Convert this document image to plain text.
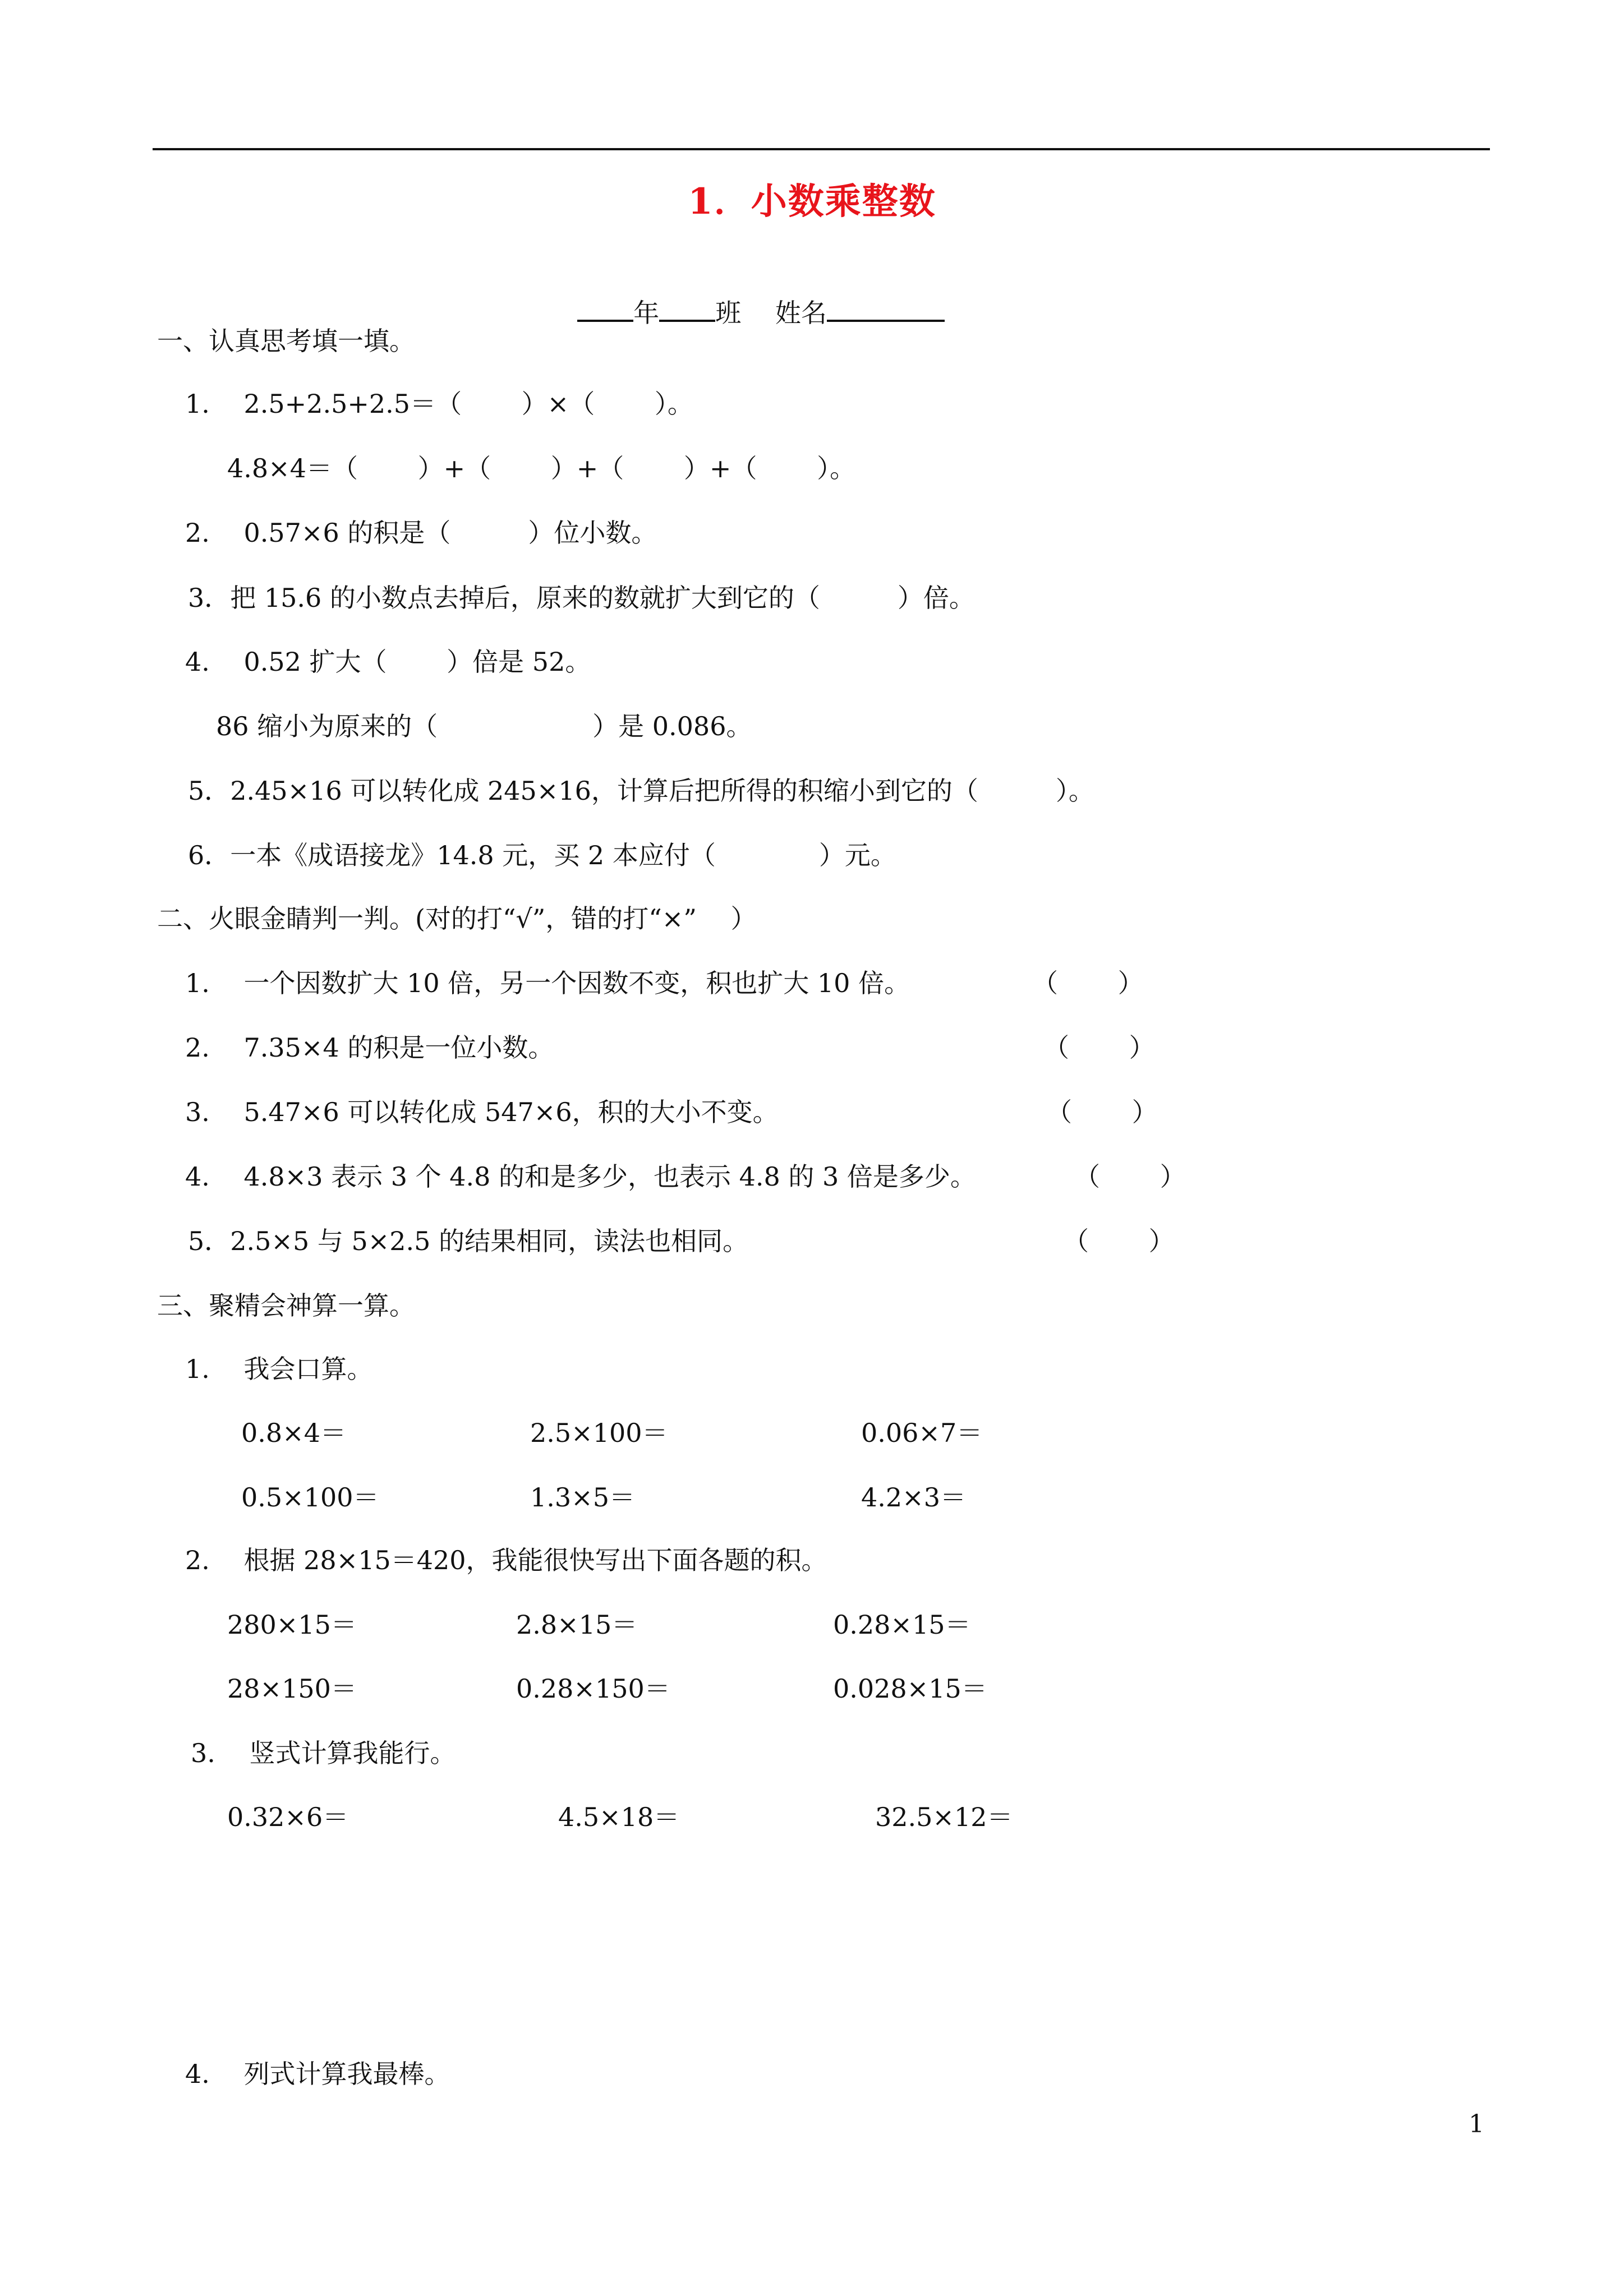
1．小数乘整数

年 班　 姓名

一、认真思考填一填。
1.　 2.5+2.5+2.5＝（　　 ）×（　　 ）。
4.8×4＝（　　 ）+（　　 ）+（　　 ）+（　　 ）。
2.　 0.57×6 的积是（　　　）位小数。
3．把 15.6 的小数点去掉后，原来的数就扩大到它的（　　　）倍。
4.　 0.52 扩大（　　 ）倍是 52。
86 缩小为原来的（　　　　　　）是 0.086。
5．2.45×16 可以转化成 245×16，计算后把所得的积缩小到它的（　　　）。
6．一本《成语接龙》14.8 元，买 2 本应付（　　　　）元。
二、火眼金睛判一判。(对的打“√”，错的打“×”　 ）
1.　 一个因数扩大 10 倍，另一个因数不变，积也扩大 10 倍。	（　　 ）
2.　 7.35×4 的积是一位小数。	（　　 ）
3.　 5.47×6 可以转化成 547×6，积的大小不变。	（　　 ）
4.　 4.8×3 表示 3 个 4.8 的和是多少，也表示 4.8 的 3 倍是多少。	（　　 ）
5．2.5×5 与 5×2.5 的结果相同，读法也相同。	（　　 ）
三、聚精会神算一算。
1.　 我会口算。
0.8×4＝	2.5×100＝	0.06×7＝
0.5×100＝	1.3×5＝	4.2×3＝
2.　 根据 28×15＝420，我能很快写出下面各题的积。
280×15＝	2.8×15＝	0.28×15＝
28×150＝	0.28×150＝	0.028×15＝
3.　 竖式计算我能行。
0.32×6＝	4.5×18＝	32.5×12＝
4.　 列式计算我最棒。
1
